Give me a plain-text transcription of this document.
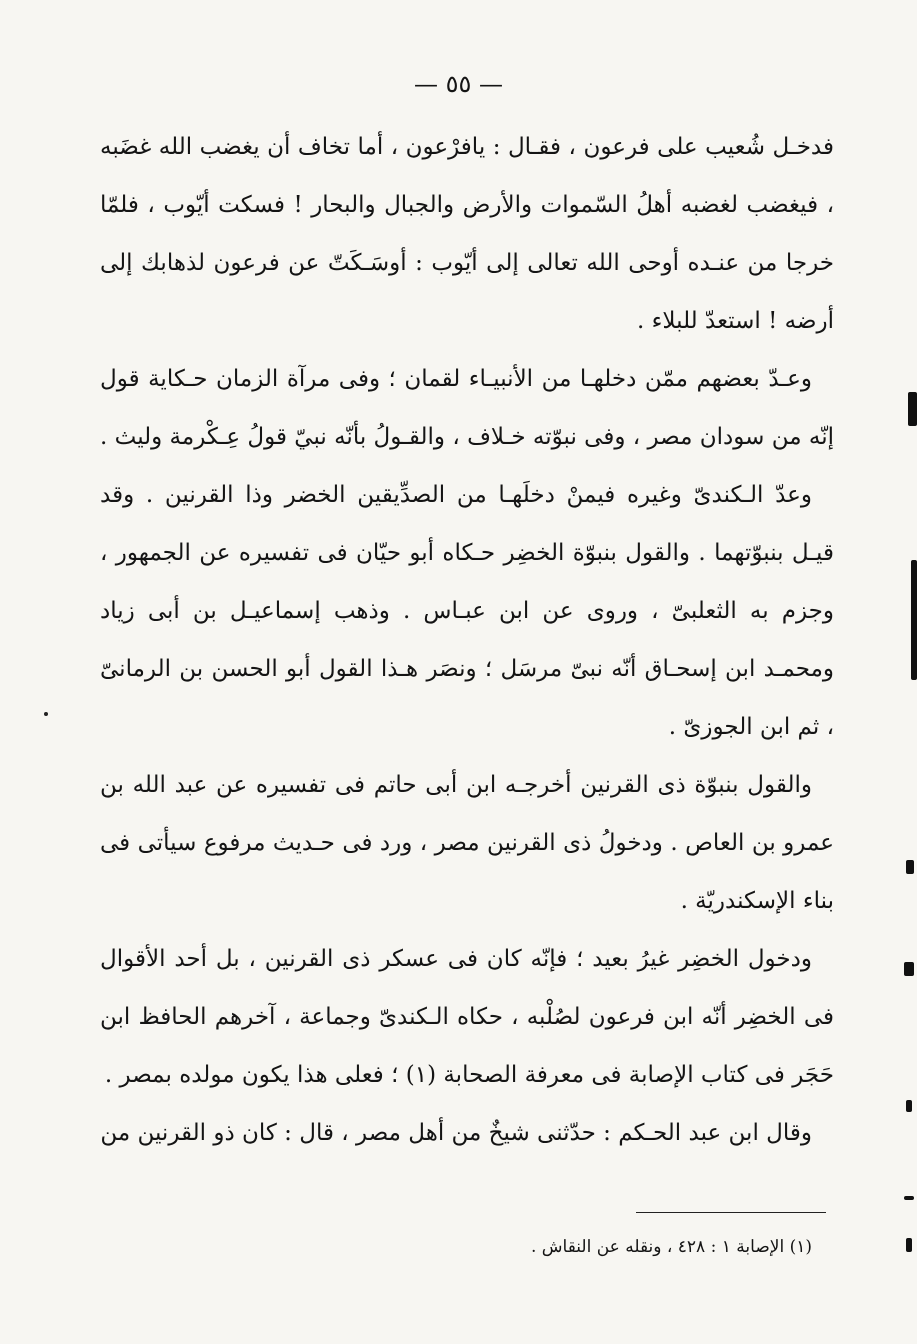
— ٥٥ —

فدخـل شُعيب على فرعون ، فقـال : يافرْعون ، أما تخاف أن يغضب الله غضَبه ، فيغضب لغضبه أهلُ السّموات والأرض والجبال والبحار ! فسكت أيّوب ، فلمّا خرجا من عنـده أوحى الله تعالى إلى أيّوب : أوسَـكَتّ عن فرعون لذهابك إلى أرضه ! استعدّ للبلاء .

وعـدّ بعضهم ممّن دخلهـا من الأنبيـاء لقمان ؛ وفى مرآة الزمان حـكاية قول إنّه من سودان مصر ، وفى نبوّته خـلاف ، والقـولُ بأنّه نبيّ قولُ عِـكْرمة وليث .

وعدّ الـكندىّ وغيره فيمنْ دخلَهـا من الصدِّيقين الخضر وذا القرنين . وقد قيـل بنبوّتهما . والقول بنبوّة الخضِر حـكاه أبو حيّان فى تفسيره عن الجمهور ، وجزم به الثعلبىّ ، وروى عن ابن عبـاس . وذهب إسماعيـل بن أبى زياد ومحمـد ابن إسحـاق أنّه نبىّ مرسَل ؛ ونصَر هـذا القول أبو الحسن بن الرمانىّ ، ثم ابن الجوزىّ .

والقول بنبوّة ذى القرنين أخرجـه ابن أبى حاتم فى تفسيره عن عبد الله بن عمرو بن العاص . ودخولُ ذى القرنين مصر ، ورد فى حـديث مرفوع سيأتى فى بناء الإسكندريّة .

ودخول الخضِر غيرُ بعيد ؛ فإنّه كان فى عسكر ذى القرنين ، بل أحد الأقوال فى الخضِر أنّه ابن فرعون لصُلْبه ، حكاه الـكندىّ وجماعة ، آخرهم الحافظ ابن حَجَر فى كتاب الإصابة فى معرفة الصحابة (١) ؛ فعلى هذا يكون مولده بمصر .

وقال ابن عبد الحـكم : حدّثنى شيخٌ من أهل مصر ، قال : كان ذو القرنين من

(١) الإصابة ١ : ٤٢٨ ، ونقله عن النقاش .
